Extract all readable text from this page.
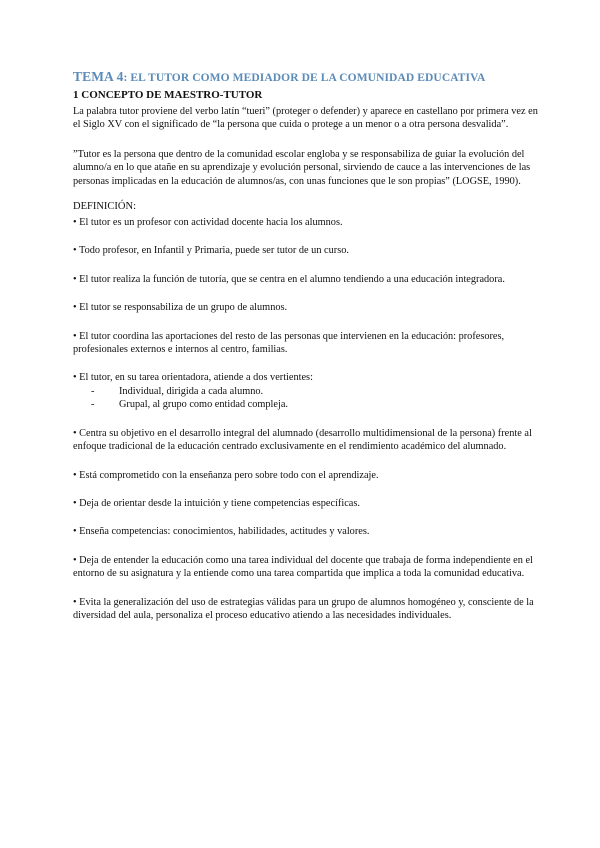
TEMA 4: EL TUTOR COMO MEDIADOR DE LA COMUNIDAD EDUCATIVA
1 CONCEPTO DE MAESTRO-TUTOR

La palabra tutor proviene del verbo latín “tueri” (proteger o defender) y aparece en castellano por primera vez en el Siglo XV con el significado de “la persona que cuida o protege a un menor o a otra persona desvalida”.

”Tutor es la persona que dentro de la comunidad escolar engloba y se responsabiliza de guiar la evolución del alumno/a en lo que atañe en su aprendizaje y evolución personal, sirviendo de cauce a las intervenciones de las personas implicadas en la educación de alumnos/as, con unas funciones que le son propias” (LOGSE, 1990).

DEFINICIÓN:

• El tutor es un profesor con actividad docente hacia los alumnos.

• Todo profesor, en Infantil y Primaria, puede ser tutor de un curso.

• El tutor realiza la función de tutoría, que se centra en el alumno tendiendo a una educación integradora.

• El tutor se responsabiliza de un grupo de alumnos.

• El tutor coordina las aportaciones del resto de las personas que intervienen en la educación: profesores, profesionales externos e internos al centro, familias.

• El tutor, en su tarea orientadora, atiende a dos vertientes:

- Individual, dirigida a cada alumno.

- Grupal, al grupo como entidad compleja.

• Centra su objetivo en el desarrollo integral del alumnado (desarrollo multidimensional de la persona) frente al enfoque tradicional de la educación centrado exclusivamente en el rendimiento académico del alumnado.

• Está comprometido con la enseñanza pero sobre todo con el aprendizaje.

• Deja de orientar desde la intuición y tiene competencias específicas.

• Enseña competencias: conocimientos, habilidades, actitudes y valores.

• Deja de entender la educación como una tarea individual del docente que trabaja de forma independiente en el entorno de su asignatura y la entiende como una tarea compartida que implica a toda la comunidad educativa.

• Evita la generalización del uso de estrategias válidas para un grupo de alumnos homogéneo y, consciente de la diversidad del aula, personaliza el proceso educativo atiendo a las necesidades individuales.
